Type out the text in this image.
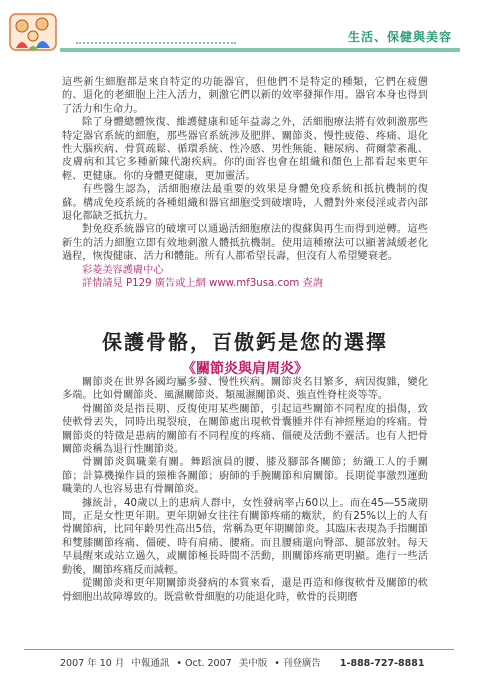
生活、保健與美容

這些新生細胞都是來自特定的功能器官，但他們不是特定的種類，它們在疲憊的、退化的老細胞上注入活力，刺激它們以新的效率發揮作用。器官本身也得到了活力和生命力。

除了身體總體恢復、維護健康和延年益壽之外，活細胞療法將有效刺激那些特定器官系統的細胞，那些器官系統涉及肥胖、關節炎、慢性疲倦、疼痛、退化性大腦疾病、骨質疏鬆、循環系統、性冷感、男性無能、糖尿病、荷爾蒙紊亂、皮膚病和其它多種新陳代謝疾病。你的面容也會在組織和顏色上都看起來更年輕、更健康。你的身體更健康，更加靈活。

有些醫生認為，活細胞療法最重要的效果是身體免疫系統和抵抗機制的復蘇。構成免疫系統的各種組織和器官細胞受到破壞時，人體對外來侵淫或者內部退化都缺乏抵抗力。

對免疫系統器官的破壞可以通過活細胞療法的復蘇與再生而得到逆轉。這些新生的活力細胞立即有效地刺激人體抵抗機制。使用這種療法可以顯著減緩老化過程，恢復健康、活力和體能。所有人都希望長壽，但沒有人希望變衰老。

彩菱美容護膚中心
詳情請見 P129 廣告或上網 www.mf3usa.com 查詢
保護骨骼，百傲鈣是您的選擇
《關節炎與肩周炎》

關節炎在世界各國均屬多發、慢性疾病。關節炎名目繁多，病因復雜，變化多端。比如骨關節炎、風濕關節炎、類風濕關節炎、強直性脊柱炎等等。

骨關節炎是指長期、反復使用某些關節，引起這些關節不同程度的損傷，致使軟骨丟失，同時出現裂痕，在關節處出現軟骨囊腫并伴有神經壓迫的疼痛。骨關節炎的特徵是患病的關節有不同程度的疼痛、僵硬及活動不靈活。也有人把骨關節炎稱為退行性關節炎。

骨關節炎與職業有關。舞蹈演員的腰、膝及腳部各關節；紡織工人的手關節；計算機操作員的頸椎各關節；廚師的手腕關節和肩關節。長期從事激烈運動職業的人也容易患有骨關節炎。

據統計，40歲以上的患病人群中，女性發病率占60以上。而在45—55歲期間，正是女性更年期。更年期婦女往往有關節疼痛的癥狀，約有25%以上的人有骨關節病，比同年齡男性高出5倍，常稱為更年期關節炎。其臨床表現為手指關節和雙膝關節疼痛、僵硬、時有肩痛、腰痛。而且腰痛還向臀部、腿部放射。每天早晨醒來或站立過久，或關節極長時間不活動，則關節疼痛更明顯。進行一些活動後，關節疼痛反而減輕。

從關節炎和更年期關節炎發病的本質來看，還是再造和修復軟骨及關節的軟骨細胞出故障導致的。既當軟骨細胞的功能退化時，軟骨的長期磨

2007 年 10 月 中報通訊 • Oct. 2007 美中版 • 刊登廣告 1-888-727-8881
